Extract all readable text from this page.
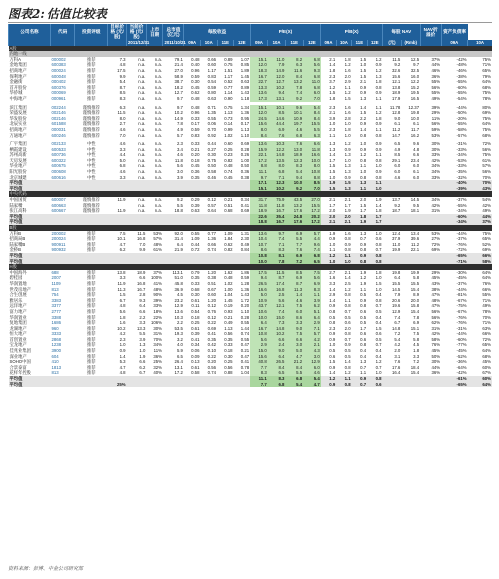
图表2: 估值比较表
公司名称	代码	投资评级	目标价格 (元/股)	当前价格 (元/股)	上市 日期	总市值 (亿元)	每股收益				P/E(X)				P/B(X)				每股 NAV		NAV折 溢价	资产负债率	
				2011/12/31		2011/10/21	09A	10A	11E	12E	09A	10A	11E	12E	09A	10A	11E	12E	(元)	(Rmb)		09A	10A
A股																							
内地一线																							
万科A	000002	推荐	7.3	n.a.	n.a.	79.1	0.48	0.66	0.89	1.07	15.1	11.0	8.2	6.8	2.1	1.8	1.5	1.2	11.5	12.5	37%	-42%	75%
金地集团	600383	推荐	4.8	n.a.	n.a.	21.4	0.40	0.60	0.75	0.85	12.0	7.9	6.3	5.6	1.4	1.2	1.0	0.9	9.2	9.7	44%	-48%	71%
招商地产	000024	推荐	17.5	n.a.	n.a.	27.0	0.96	1.17	1.51	1.89	18.3	14.9	11.6	9.3	1.8	1.6	1.5	1.2	32.6	32.5	46%	-46%	65%
保利地产	600048	推荐	9.9	n.a.	n.a.	58.9	0.59	0.83	1.17	1.45	16.7	12.0	8.4	6.8	2.3	2.0	1.5	1.3	15.6	16.0	36%	-38%	79%
金融街	000402	推荐	5.4	n.a.	n.a.	38.7	0.30	0.54	0.52	0.63	22.7	12.7	13.2	11.0	3.7	2.9	2.1	1.8	12.1	12.2	55%	-55%	64%
首开股份	600376	推荐	8.7	n.a.	n.a.	18.2	0.45	0.59	0.77	0.89	13.3	10.2	7.8	6.8	1.2	1.1	0.9	0.8	13.8	15.2	56%	-60%	68%
华侨城	000069	推荐	8.5	n.a.	n.a.	12.7	0.62	0.80	1.14	1.43	13.6	9.4	7.4	6.0	1.5	1.2	0.9	0.9	18.9	19.5	55%	-55%	75%
中海地产	000961	推荐	8.3	n.a.	n.a.	9.7	0.48	0.63	0.90	1.18	17.3	13.1	9.2	7.0	1.8	1.5	1.3	1.1	17.9	16.5	49%	-54%	78%

滨江集团	002244	谨慎推荐	6.3	n.a.	n.a.	9.7	0.48	0.71	0.75	1.34	15.1	10.1	9.6	5.4	2.3	1.6	1.4	1.1	11.78	12.37	39%	-44%	80%
荣盛发展	002146	谨慎推荐	11.5	n.a.	n.a.	10.2	0.96	1.35	1.13	1.36	12.0	8.5	10.1	8.4	2.1	1.6	1.5	1.2	12.8	19.8	29%	-50%	69%
华发股份	002146	谨慎推荐	8.0	n.a.	n.a.	14.9	0.33	0.55	0.73	0.95	24.5	14.6	10.9	8.4	3.9	2.8	2.2	1.8	9.0	10.0	11%	-20%	75%
北辰实业	601588	谨慎推荐	2.7	n.a.	n.a.	7.8	0.17	0.06	0.14	0.17	15.6	44.4	19.7	15.5	1.0	1.0	0.9	0.9	6.1	6.1	56%	-55%	64%
招商地产	000031	谨慎推荐	4.6	n.a.	n.a.	4.9	0.59	0.70	0.99	1.13	8.0	6.9	4.6	5.5	2.3	1.8	1.4	1.1	11.2	11.7	59%	-58%	75%
万通地产	600246	谨慎推荐	7.0	n.a.	n.a.	5.7	0.83	0.92	1.02	1.10	8.4	7.6	6.8	6.3	1.1	1.0	0.8	0.8	14.7	16.2	53%	-57%	68%

广宇集团	002133	中性	4.6	n.a.	n.a.	2.3	0.33	0.44	0.60	0.69	13.6	10.3	7.6	6.6	1.3	1.2	1.0	0.9	6.5	9.6	30%	-31%	72%
栖霞建设	600533	中性	3.3	n.a.	n.a.	3.4	0.21	0.27	0.25	0.28	15.9	12.2	13.0	11.8	1.3	0.9	0.9	0.9	4.9	4.8	30%	-33%	56%
苏州高新	600736	中性	4.4	n.a.	n.a.	4.6	0.20	0.30	0.23	0.26	22.1	14.8	18.9	16.6	1.4	1.3	1.2	1.1	8.5	6.6	33%	-34%	75%
天房发展	600322	中性	5.0	n.a.	n.a.	11.8	0.18	0.75	0.82	1.00	17.2	13.5	12.3	10.0	1.7	1.0	0.8	0.8	29.1	23.4	42%	-53%	61%
华业地产	600675	中性	6.8	n.a.	n.a.	5.6	0.45	0.50	0.48	0.50	8.8	8.0	8.3	8.0	1.5	1.3	1.1	1.0	6.0	6.0	34%	-33%	57%
阳光股份	000608	中性	4.6	n.a.	n.a.	3.0	0.36	0.58	0.74	0.36	11.1	6.8	5.4	10.8	1.5	1.3	1.0	0.9	6.0	6.1	34%	-35%	56%
北京城建	600616	中性	3.3	n.a.	n.a.	3.9	0.35	0.46	0.45	0.38	9.7	7.1	9.4	8.8	1.0	0.9	0.8	0.8	4.6	6.0	33%	-32%	70%
平均值											17.1	12.3	10.0	8.5	1.9	1.5	1.3	1.1				-40%	70%
平均值											15.1	10.2	9.2	7.0	1.5	1.3	1.1	1.0				-39%	43%
中央代码																							
中国国贸	600007	谨慎推荐	11.9	n.a.	n.a.	9.2	0.29	0.12	0.21	0.34	31.7	75.9	43.5	27.0	2.1	2.1	2.0	1.9	13.7	14.5	34%	-37%	54%
陆家嘴	600663	谨慎推荐		n.a.	n.a.	5.5	0.39	0.57	0.51	0.41	11.8	11.8	13.2	15.5	1.7	1.7	1.5	1.4	9.2	9.5	42%	-55%	42%
张江高科	600667	谨慎推荐	11.9	n.a.	n.a.	18.8	0.63	0.64	0.68	0.69	18.9	16.7	17.6	17.2	2.0	1.9	1.7	1.8	18.7	18.1	31%	-34%	49%
平均值											22.6	35.4	24.8	20.2	2.0	2.0	1.8	1.7				-60%	44%
平均值											18.8	16.7	17.6	17.2	2.1	2.1	1.9	1.7				-34%	37%
B股																							
万科B	200002	推荐	7.5	11.5	53%	92.0	0.55	0.77	1.09	1.31	13.6	9.7	6.9	5.7	1.9	1.6	1.3	1.0	12.4	13.4	53%	-44%	75%
招商局B	200024	推荐	10.1	16.8	57%	31.4	1.09	1.36	1.84	2.30	10.4	7.4	5.5	4.4	0.9	0.8	0.7	0.6	37.9	39.6	27%	-37%	65%
陆家嘴B	900911	推荐	4.7	7.0	48%	6.4	0.44	0.66	0.62	0.49	10.7	7.1	7.7	9.6	1.0	0.9	0.9	0.8	11.0	11.2	72%	-76%	52%
金桥B	900932	推荐	6.2	9.9	61%	21.9	0.72	0.74	0.82	0.84	8.6	8.3	7.6	7.4	1.1	0.8	0.8	0.7	19.9	22.1	69%	-72%	69%
平均值											10.8	8.1	6.9	6.8	1.2	1.1	0.9	0.8				-65%	66%
平均值											10.0	7.8	7.2	6.5	1.0	1.0	0.8	0.8				-71%	58%
H股																							
中国海外	688	推荐	13.8	18.9	37%	113.1	0.79	1.20	1.62	1.86	17.5	11.5	8.5	7.5	2.7	2.1	1.9	1.8	19.8	19.9	29%	-30%	64%
碧桂园	2007	推荐	3.3	6.6	100%	51.0	0.35	0.38	0.48	0.59	9.4	8.7	6.9	5.6	1.6	1.4	1.2	1.0	6.4	5.8	45%	-45%	64%
华润置地	1109	推荐	11.9	16.8	41%	45.8	0.33	0.51	1.02	1.28	26.5	17.4	8.7	6.9	3.3	2.5	1.9	1.5	15.5	15.5	43%	-37%	76%
世茂房地产	813	推荐	11.3	16.7	48%	36.9	0.68	0.67	1.00	1.36	16.6	16.8	11.3	8.3	1.4	1.2	1.1	1.0	14.5	15.4	38%	-44%	66%
合生创展	754	推荐	1.5	2.8	90%	4.5	0.30	0.60	1.04	1.43	5.0	2.5	1.4	1.1	2.9	0.8	0.5	0.4	7.9	8.9	47%	-81%	55%
雅居乐	3383	推荐	6.7	9.3	39%	23.2	0.61	1.20	1.45	1.72	10.9	5.6	4.6	3.9	1.4	1.1	0.9	0.8	20.6	20.0	48%	-67%	71%
远洋地产	3377	推荐	4.8	6.4	33%	12.9	0.11	0.12	0.19	0.20	43.7	12.1	7.5	6.2	0.9	0.8	0.8	0.7	19.6	15.8	47%	-75%	49%
富力地产	2777	推荐	5.6	6.6	18%	13.6	0.54	0.76	0.93	1.10	10.6	7.4	6.0	5.1	0.8	0.7	0.6	0.5	12.9	15.4	56%	-67%	78%
华润置业	3388	推荐	1.8	2.2	22%	10.3	0.18	0.12	0.21	0.28	10.0	15.0	8.6	6.4	0.5	0.5	0.5	0.4	7.4	7.8	56%	-76%	70%
复地集团	1686	推荐	1.6	3.3	106%	2.2	0.25	0.22	0.49	0.55	6.4	7.3	3.3	2.9	0.8	0.6	0.5	0.4	6.7	6.9	62%	-76%	71%
龙湖地产	960	推荐	10.2	13.3	30%	53.5	0.61	0.69	1.13	1.44	16.7	14.8	9.0	7.1	2.3	2.0	1.7	1.5	14.8	15.1	31%	-31%	63%
恒大地产	3333	推荐	4.2	5.5	31%	19.3	0.39	0.41	0.56	0.74	10.8	10.2	7.5	5.7	0.9	0.8	0.6	0.6	7.2	7.5	42%	-44%	66%
首创置业	2868	推荐	2.3	3.9	70%	3.2	0.41	0.35	0.35	0.55	5.6	6.6	6.6	4.2	0.9	0.7	0.6	0.5	5.4	5.8	58%	-60%	72%
宝龙地产	1238	推荐	1.0	1.3	34%	4.0	0.34	0.42	0.33	0.47	2.9	2.4	3.0	2.1	1.0	0.9	0.8	0.7	4.2	4.5	76%	-77%	65%
佳兆业集团	3900	推荐	0.9	1.0	11%	5.9	0.06	0.10	0.18	0.21	15.0	9.0	5.0	4.3	0.5	0.5	0.4	0.4	2.0	1.8	45%	-45%	64%
深业地产	604	推荐	1.4	1.9	36%	6.5	0.09	0.22	0.30	0.47	15.6	6.4	4.7	3.0	0.6	0.5	0.4	0.4	3.1	3.3	50%	-52%	68%
SOHO中国	410	推荐	5.3	6.6	25%	26.4	0.13	0.20	0.25	0.41	40.8	26.5	21.2	12.9	1.5	1.4	1.3	1.2	7.6	7.2	30%	-36%	45%
合景泰富	1813	推荐	4.7	6.2	32%	13.1	0.61	0.56	0.56	0.78	7.7	8.4	8.4	6.0	0.9	0.8	0.7	0.7	17.6	18.4	44%	-64%	60%
花样年控股	813	推荐	4.8	6.7	40%	17.2	0.58	0.74	0.88	1.04	8.3	6.5	5.5	4.6	1.4	1.2	1.1	1.0	16.4	15.4	36%	-42%	67%
平均值											11.1	8.3	6.8	5.4	1.2	1.1	0.9	0.8				-61%	60%
平均值			25%								7.7	6.8	5.4	4.7	0.9	0.8	0.7	0.6				-65%	64%
资料来源：彭博、中金公司研究部
